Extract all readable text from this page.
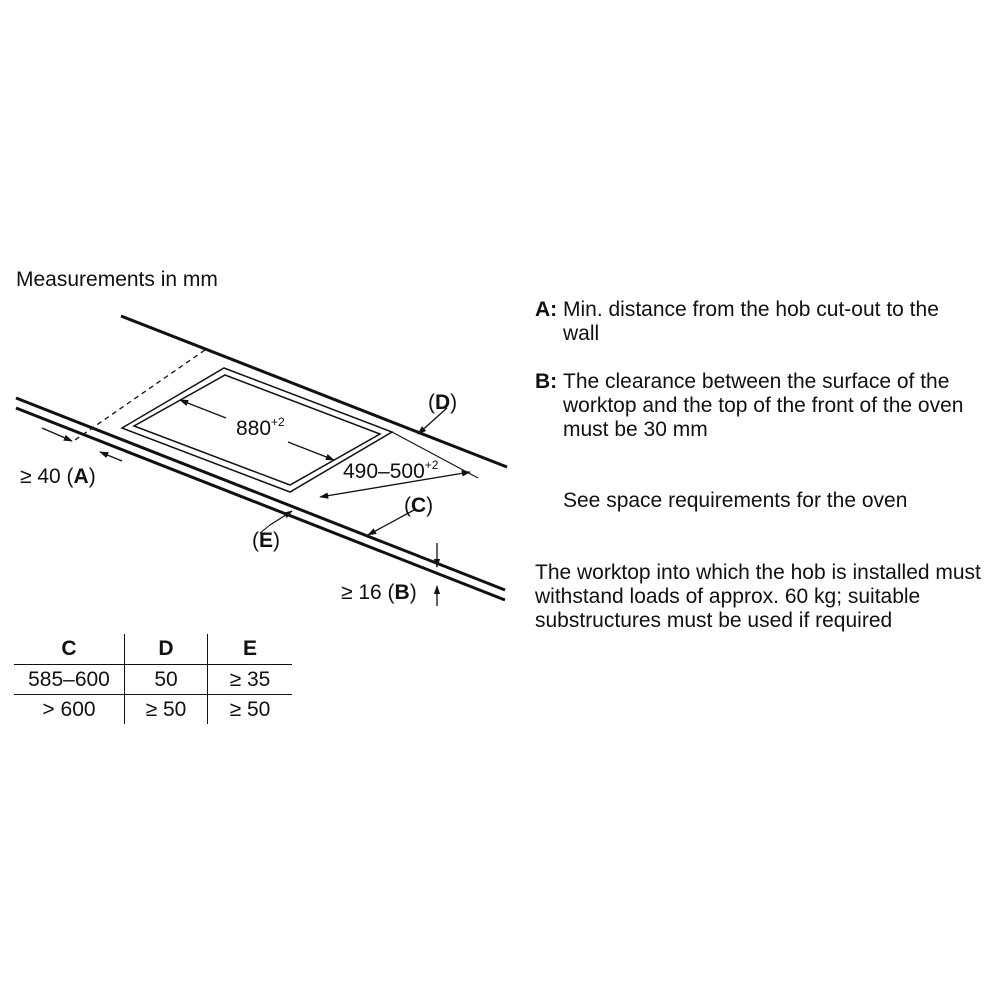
Measurements in mm
$880^{+2}$
$490-500^{+2}$
(D)
(C)
(E)
≥ 40 (A)
≥ 16 (B)
A: Min. distance from the hob cut-out to the wall
B: The clearance between the surface of the worktop and the top of the front of the oven must be 30 mm
See space requirements for the oven
The worktop into which the hob is installed must withstand loads of approx. 60 kg; suitable substructures must be used if required
C	D	E
585–600	50	≥ 35
> 600	≥ 50	≥ 50
